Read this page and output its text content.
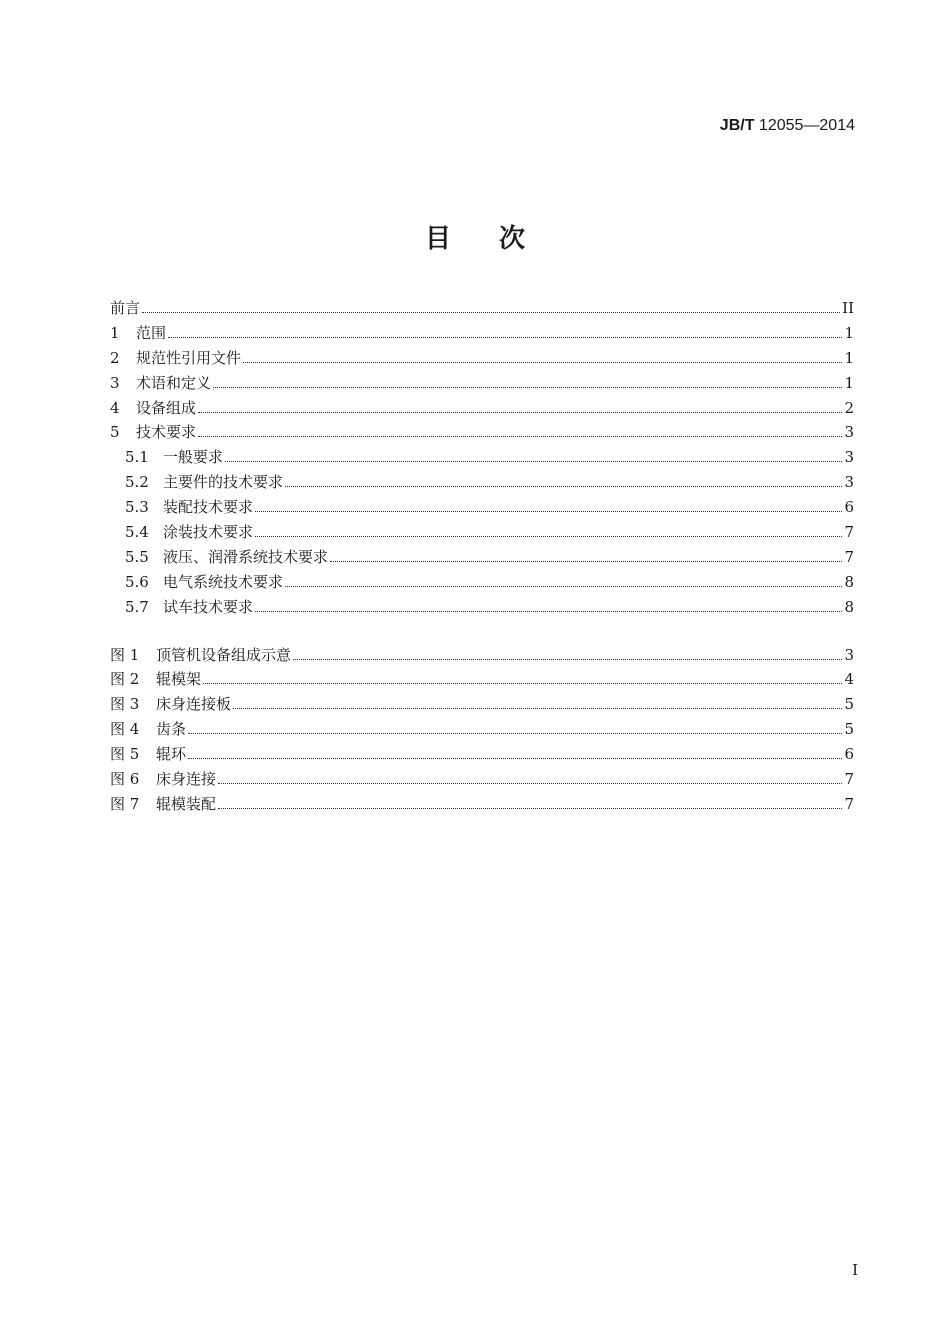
JB/T 12055—2014
目次
前言	II
1	范围	1
2	规范性引用文件	1
3	术语和定义	1
4	设备组成	2
5	技术要求	3
5.1 一般要求	3
5.2 主要件的技术要求	3
5.3 装配技术要求	6
5.4 涂装技术要求	7
5.5 液压、润滑系统技术要求	7
5.6 电气系统技术要求	8
5.7 试车技术要求	8
图 1	顶管机设备组成示意	3
图 2	辊模架	4
图 3	床身连接板	5
图 4	齿条	5
图 5	辊环	6
图 6	床身连接	7
图 7	辊模装配	7
I
